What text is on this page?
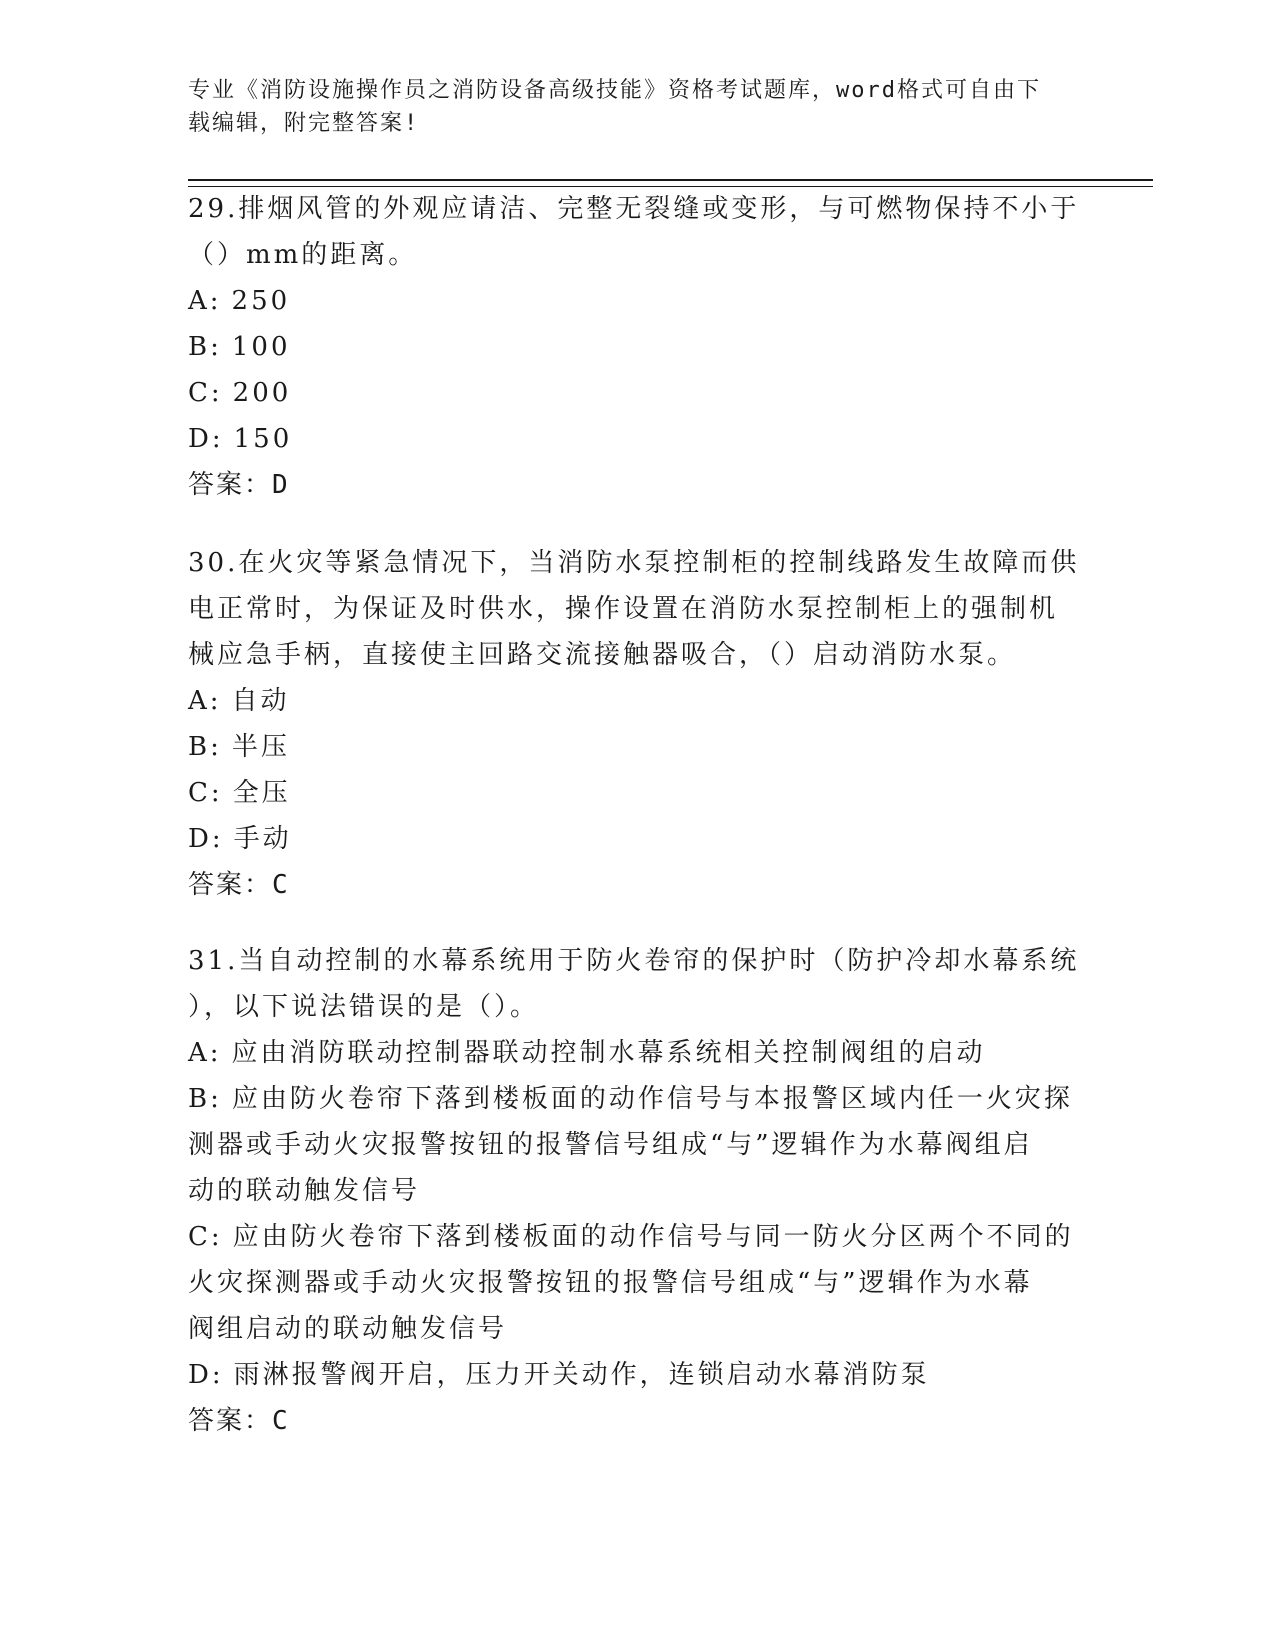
专业《消防设施操作员之消防设备高级技能》资格考试题库，word格式可自由下
载编辑，附完整答案!
29.排烟风管的外观应请洁、完整无裂缝或变形，与可燃物保持不小于
（）mm的距离。
A: 250
B: 100
C: 200
D: 150
答案：D
30.在火灾等紧急情况下，当消防水泵控制柜的控制线路发生故障而供
电正常时，为保证及时供水，操作设置在消防水泵控制柜上的强制机
械应急手柄，直接使主回路交流接触器吸合，（）启动消防水泵。
A: 自动
B: 半压
C: 全压
D: 手动
答案：C
31.当自动控制的水幕系统用于防火卷帘的保护时（防护冷却水幕系统
），以下说法错误的是（）。
A: 应由消防联动控制器联动控制水幕系统相关控制阀组的启动
B: 应由防火卷帘下落到楼板面的动作信号与本报警区域内任一火灾探
测器或手动火灾报警按钮的报警信号组成“与”逻辑作为水幕阀组启
动的联动触发信号
C: 应由防火卷帘下落到楼板面的动作信号与同一防火分区两个不同的
火灾探测器或手动火灾报警按钮的报警信号组成“与”逻辑作为水幕
阀组启动的联动触发信号
D: 雨淋报警阀开启，压力开关动作，连锁启动水幕消防泵
答案：C
